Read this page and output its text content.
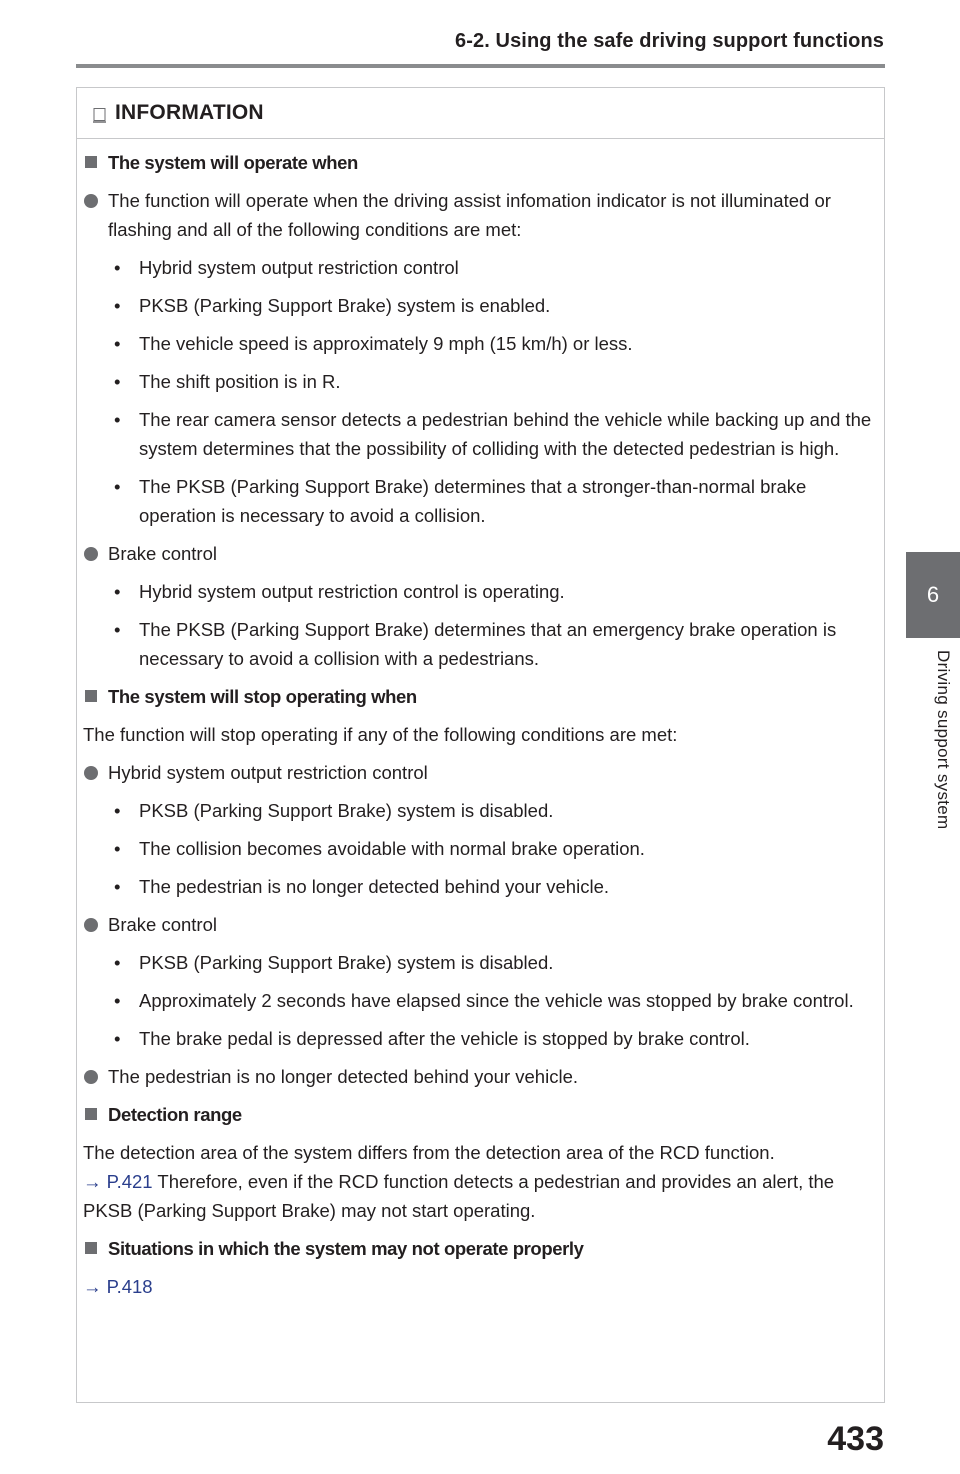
6-2. Using the safe driving support functions
6
Driving support system
INFORMATION
The system will operate when
The function will operate when the driving assist infomation indicator is not illuminated or flashing and all of the following conditions are met:
•	Hybrid system output restriction control
•	PKSB (Parking Support Brake) system is enabled.
•	The vehicle speed is approximately 9 mph (15 km/h) or less.
•	The shift position is in R.
•	The rear camera sensor detects a pedestrian behind the vehicle while backing up and the system determines that the possibility of colliding with the detected pedestrian is high.
•	The PKSB (Parking Support Brake) determines that a stronger-than-normal brake operation is necessary to avoid a collision.
Brake control
•	Hybrid system output restriction control is operating.
•	The PKSB (Parking Support Brake) determines that an emergency brake operation is necessary to avoid a collision with a pedestrians.
The system will stop operating when
The function will stop operating if any of the following conditions are met:
Hybrid system output restriction control
•	PKSB (Parking Support Brake) system is disabled.
•	The collision becomes avoidable with normal brake operation.
•	The pedestrian is no longer detected behind your vehicle.
Brake control
•	PKSB (Parking Support Brake) system is disabled.
•	Approximately 2 seconds have elapsed since the vehicle was stopped by brake control.
•	The brake pedal is depressed after the vehicle is stopped by brake control.
The pedestrian is no longer detected behind your vehicle.
Detection range
The detection area of the system differs from the detection area of the RCD function.
→ P.421 Therefore, even if the RCD function detects a pedestrian and provides an alert, the PKSB (Parking Support Brake) may not start operating.
Situations in which the system may not operate properly
→ P.418
433
